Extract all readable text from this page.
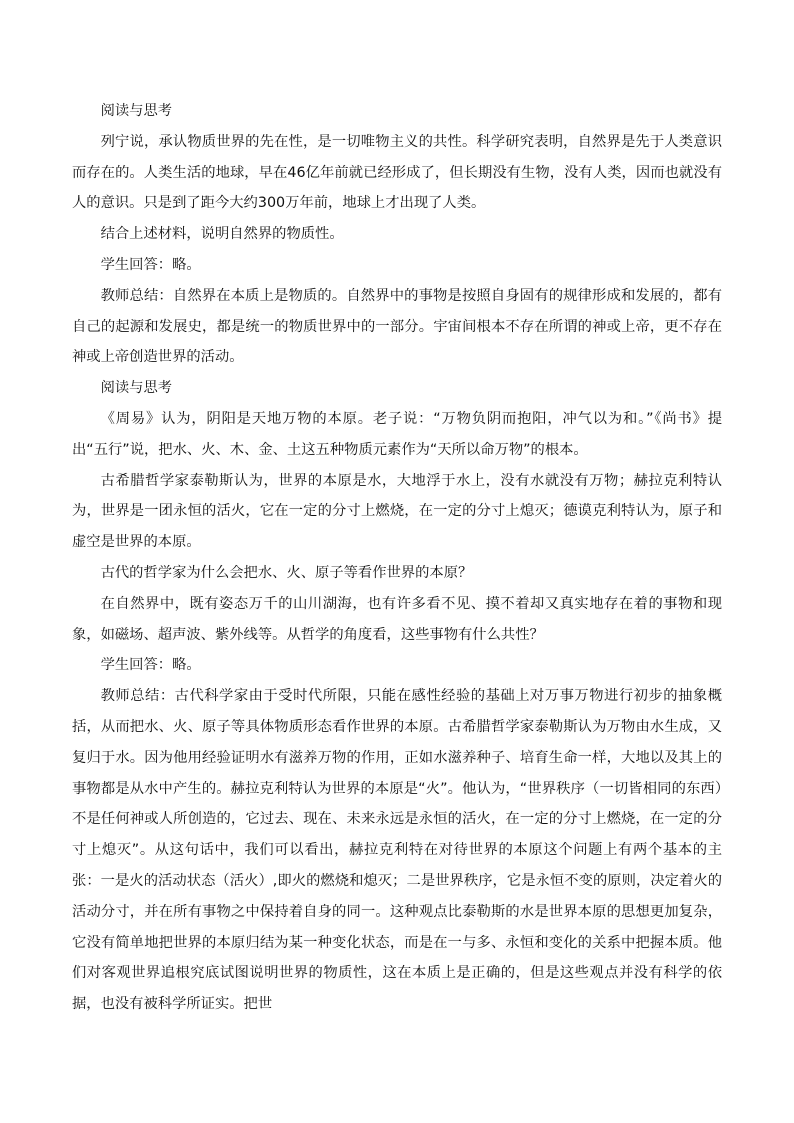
阅读与思考

列宁说，承认物质世界的先在性，是一切唯物主义的共性。科学研究表明，自然界是先于人类意识而存在的。人类生活的地球，早在46亿年前就已经形成了，但长期没有生物，没有人类，因而也就没有人的意识。只是到了距今大约300万年前，地球上才出现了人类。

结合上述材料，说明自然界的物质性。

学生回答：略。

教师总结：自然界在本质上是物质的。自然界中的事物是按照自身固有的规律形成和发展的，都有自己的起源和发展史，都是统一的物质世界中的一部分。宇宙间根本不存在所谓的神或上帝，更不存在神或上帝创造世界的活动。

阅读与思考

《周易》认为，阴阳是天地万物的本原。老子说：“万物负阴而抱阳，冲气以为和。”《尚书》提出“五行”说，把水、火、木、金、土这五种物质元素作为“天所以命万物”的根本。

古希腊哲学家泰勒斯认为，世界的本原是水，大地浮于水上，没有水就没有万物；赫拉克利特认为，世界是一团永恒的活火，它在一定的分寸上燃烧，在一定的分寸上熄灭；德谟克利特认为，原子和虚空是世界的本原。

古代的哲学家为什么会把水、火、原子等看作世界的本原？

在自然界中，既有姿态万千的山川湖海，也有许多看不见、摸不着却又真实地存在着的事物和现象，如磁场、超声波、紫外线等。从哲学的角度看，这些事物有什么共性？

学生回答：略。

教师总结：古代科学家由于受时代所限，只能在感性经验的基础上对万事万物进行初步的抽象概括，从而把水、火、原子等具体物质形态看作世界的本原。古希腊哲学家泰勒斯认为万物由水生成，又复归于水。因为他用经验证明水有滋养万物的作用，正如水滋养种子、培育生命一样，大地以及其上的事物都是从水中产生的。赫拉克利特认为世界的本原是“火”。他认为，“世界秩序（一切皆相同的东西）不是任何神或人所创造的，它过去、现在、未来永远是永恒的活火，在一定的分寸上燃烧，在一定的分寸上熄灭”。从这句话中，我们可以看出，赫拉克利特在对待世界的本原这个问题上有两个基本的主张：一是火的活动状态（活火）,即火的燃烧和熄灭；二是世界秩序，它是永恒不变的原则，决定着火的活动分寸，并在所有事物之中保持着自身的同一。这种观点比泰勒斯的水是世界本原的思想更加复杂，它没有简单地把世界的本原归结为某一种变化状态，而是在一与多、永恒和变化的关系中把握本质。他们对客观世界追根究底试图说明世界的物质性，这在本质上是正确的，但是这些观点并没有科学的依据，也没有被科学所证实。把世
